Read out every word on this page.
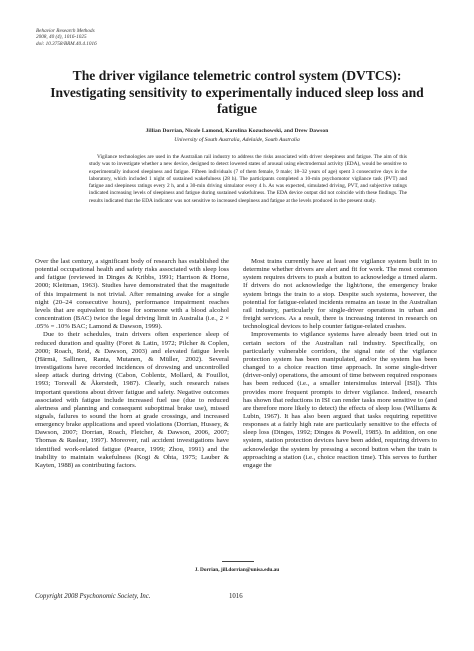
Behavior Research Methods
2008, 40 (4), 1016-1025
doi: 10.3758/BRM.40.4.1016
The driver vigilance telemetric control system (DVTCS): Investigating sensitivity to experimentally induced sleep loss and fatigue
Jillian Dorrian, Nicole Lamond, Karolina Kozuchowski, and Drew Dawson
University of South Australia, Adelaide, South Australia
Vigilance technologies are used in the Australian rail industry to address the risks associated with driver sleepiness and fatigue. The aim of this study was to investigate whether a new device, designed to detect lowered states of arousal using electrodermal activity (EDA), would be sensitive to experimentally induced sleepiness and fatigue. Fifteen individuals (7 of them female, 9 male; 18–32 years of age) spent 3 consecutive days in the laboratory, which included 1 night of sustained wakefulness (28 h). The participants completed a 10-min psychomotor vigilance task (PVT) and fatigue and sleepiness ratings every 2 h, and a 30-min driving simulator every 4 h. As was expected, simulated driving, PVT, and subjective ratings indicated increasing levels of sleepiness and fatigue during sustained wakefulness. The EDA device output did not coincide with these findings. The results indicated that the EDA indicator was not sensitive to increased sleepiness and fatigue at the levels produced in the present study.

Over the last century, a significant body of research has established the potential occupational health and safety risks associated with sleep loss and fatigue (reviewed in Dinges & Kribbs, 1991; Harrison & Horne, 2000; Kleitman, 1963). Studies have demonstrated that the magnitude of this impairment is not trivial. After remaining awake for a single night (20–24 consecutive hours), performance impairment reaches levels that are equivalent to those for someone with a blood alcohol concentration (BAC) twice the legal driving limit in Australia (i.e., 2 × .05% = .10% BAC; Lamond & Dawson, 1999).

Due to their schedules, train drivers often experience sleep of reduced duration and quality (Foret & Latin, 1972; Pilcher & Coplen, 2000; Roach, Reid, & Dawson, 2003) and elevated fatigue levels (Härmä, Sallinen, Ranta, Mutanen, & Müller, 2002). Several investigations have recorded incidences of drowsing and uncontrolled sleep attack during driving (Cabon, Coblentz, Mollard, & Fouillot, 1993; Torsvall & Åkerstedt, 1987). Clearly, such research raises important questions about driver fatigue and safety. Negative outcomes associated with fatigue include increased fuel use (due to reduced alertness and planning and consequent suboptimal brake use), missed signals, failures to sound the horn at grade crossings, and increased emergency brake applications and speed violations (Dorrian, Hussey, & Dawson, 2007; Dorrian, Roach, Fletcher, & Dawson, 2006, 2007; Thomas & Raslear, 1997). Moreover, rail accident investigations have identified work-related fatigue (Pearce, 1999; Zhou, 1991) and the inability to maintain wakefulness (Kogi & Ohta, 1975; Lauber & Kayten, 1988) as contributing factors.

Most trains currently have at least one vigilance system built in to determine whether drivers are alert and fit for work. The most common system requires drivers to push a button to acknowledge a timed alarm. If drivers do not acknowledge the light/tone, the emergency brake system brings the train to a stop. Despite such systems, however, the potential for fatigue-related incidents remains an issue in the Australian rail industry, particularly for single-driver operations in urban and freight services. As a result, there is increasing interest in research on technological devices to help counter fatigue-related crashes.

Improvements to vigilance systems have already been tried out in certain sectors of the Australian rail industry. Specifically, on particularly vulnerable corridors, the signal rate of the vigilance protection system has been manipulated, and/or the system has been changed to a choice reaction time approach. In some single-driver (driver-only) operations, the amount of time between required responses has been reduced (i.e., a smaller intersimulus interval [ISI]). This provides more frequent prompts to driver vigilance. Indeed, research has shown that reductions in ISI can render tasks more sensitive to (and are therefore more likely to detect) the effects of sleep loss (Williams & Lubin, 1967). It has also been argued that tasks requiring repetitive responses at a fairly high rate are particularly sensitive to the effects of sleep loss (Dinges, 1992; Dinges & Powell, 1985). In addition, on one system, station protection devices have been added, requiring drivers to acknowledge the system by pressing a second button when the train is approaching a station (i.e., choice reaction time). This serves to further engage the

J. Dorrian, jill.dorrian@unisa.edu.au
Copyright 2008 Psychonomic Society, Inc.	1016
